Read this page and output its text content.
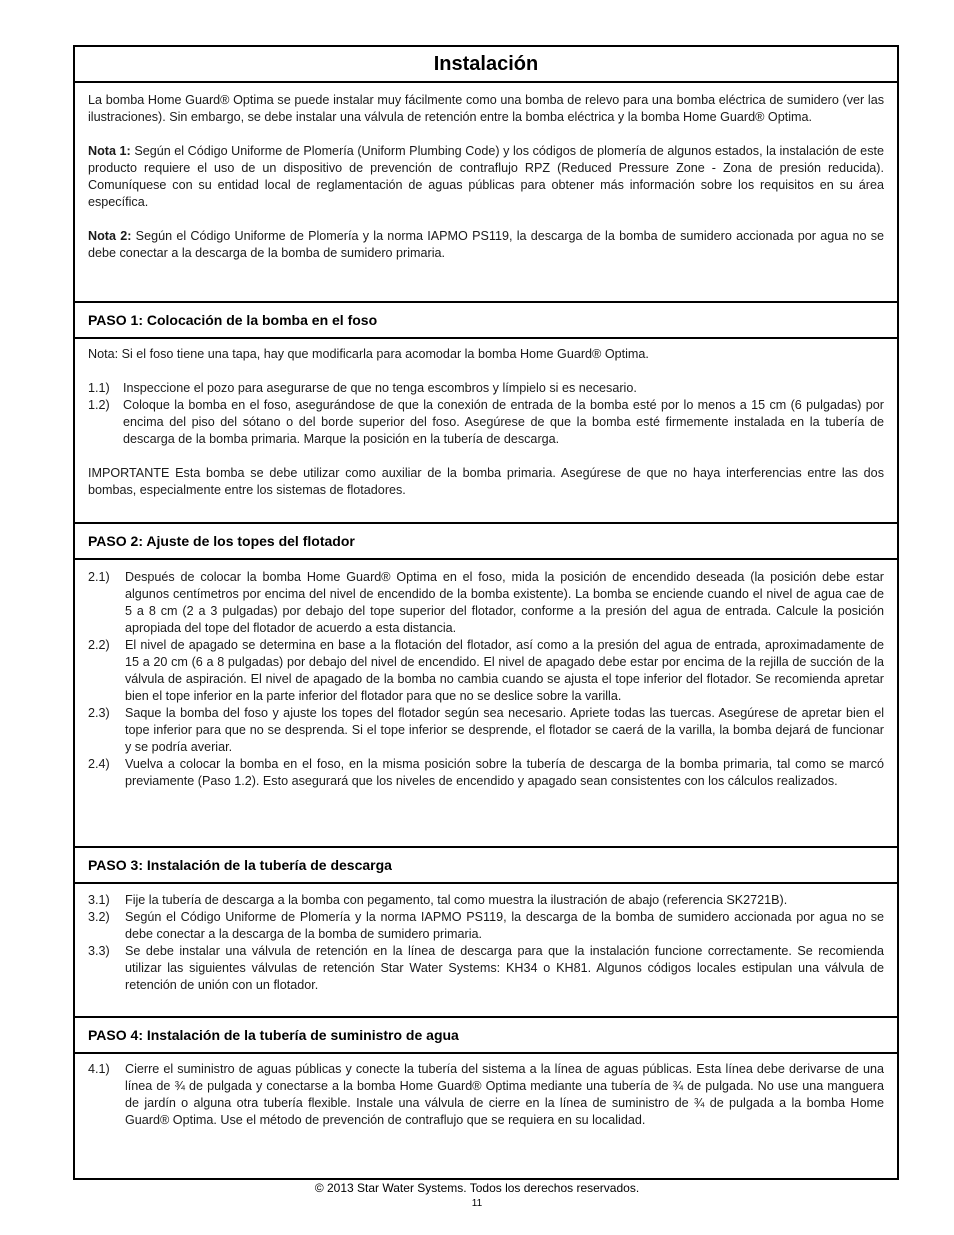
Instalación

La bomba Home Guard® Optima se puede instalar muy fácilmente como una bomba de relevo para una bomba eléctrica de sumidero (ver las ilustraciones). Sin embargo, se debe instalar una válvula de retención entre la bomba eléctrica y la bomba Home Guard® Optima.

Nota 1: Según el Código Uniforme de Plomería (Uniform Plumbing Code) y los códigos de plomería de algunos estados, la instalación de este producto requiere el uso de un dispositivo de prevención de contraflujo RPZ (Reduced Pressure Zone - Zona de presión reducida). Comuníquese con su entidad local de reglamentación de aguas públicas para obtener más información sobre los requisitos en su área específica.

Nota 2: Según el Código Uniforme de Plomería y la norma IAPMO PS119, la descarga de la bomba de sumidero accionada por agua no se debe conectar a la descarga de la bomba de sumidero primaria.

PASO 1: Colocación de la bomba en el foso

Nota: Si el foso tiene una tapa, hay que modificarla para acomodar la bomba Home Guard® Optima.

1.1)	Inspeccione el pozo para asegurarse de que no tenga escombros y límpielo si es necesario.
1.2)	Coloque la bomba en el foso, asegurándose de que la conexión de entrada de la bomba esté por lo menos a 15 cm (6 pulgadas) por encima del piso del sótano o del borde superior del foso. Asegúrese de que la bomba esté firmemente instalada en la tubería de descarga de la bomba primaria. Marque la posición en la tubería de descarga.

IMPORTANTE Esta bomba se debe utilizar como auxiliar de la bomba primaria. Asegúrese de que no haya interferencias entre las dos bombas, especialmente entre los sistemas de flotadores.

PASO 2: Ajuste de los topes del flotador
2.1)	Después de colocar la bomba Home Guard® Optima en el foso, mida la posición de encendido deseada (la posición debe estar algunos centímetros por encima del nivel de encendido de la bomba existente). La bomba se enciende cuando el nivel de agua cae de 5 a 8 cm (2 a 3 pulgadas) por debajo del tope superior del flotador, conforme a la presión del agua de entrada. Calcule la posición apropiada del tope del flotador de acuerdo a esta distancia.
2.2)	El nivel de apagado se determina en base a la flotación del flotador, así como a la presión del agua de entrada, aproximadamente de 15 a 20 cm (6 a 8 pulgadas) por debajo del nivel de encendido. El nivel de apagado debe estar por encima de la rejilla de succión de la válvula de aspiración. El nivel de apagado de la bomba no cambia cuando se ajusta el tope inferior del flotador. Se recomienda apretar bien el tope inferior en la parte inferior del flotador para que no se deslice sobre la varilla.
2.3)	Saque la bomba del foso y ajuste los topes del flotador según sea necesario. Apriete todas las tuercas. Asegúrese de apretar bien el tope inferior para que no se desprenda. Si el tope inferior se desprende, el flotador se caerá de la varilla, la bomba dejará de funcionar y se podría averiar.
2.4)	Vuelva a colocar la bomba en el foso, en la misma posición sobre la tubería de descarga de la bomba primaria, tal como se marcó previamente (Paso 1.2). Esto asegurará que los niveles de encendido y apagado sean consistentes con los cálculos realizados.
PASO 3: Instalación de la tubería de descarga
3.1)	Fije la tubería de descarga a la bomba con pegamento, tal como muestra la ilustración de abajo (referencia SK2721B).
3.2)	Según el Código Uniforme de Plomería y la norma IAPMO PS119, la descarga de la bomba de sumidero accionada por agua no se debe conectar a la descarga de la bomba de sumidero primaria.
3.3)	Se debe instalar una válvula de retención en la línea de descarga para que la instalación funcione correctamente. Se recomienda utilizar las siguientes válvulas de retención Star Water Systems: KH34 o KH81. Algunos códigos locales estipulan una válvula de retención de unión con un flotador.
PASO 4: Instalación de la tubería de suministro de agua
4.1)	Cierre el suministro de aguas públicas y conecte la tubería del sistema a la línea de aguas públicas. Esta línea debe derivarse de una línea de ¾ de pulgada y conectarse a la bomba Home Guard® Optima mediante una tubería de ¾ de pulgada. No use una manguera de jardín o alguna otra tubería flexible. Instale una válvula de cierre en la línea de suministro de ¾ de pulgada a la bomba Home Guard® Optima. Use el método de prevención de contraflujo que se requiera en su localidad.
© 2013 Star Water Systems. Todos los derechos reservados.
11
